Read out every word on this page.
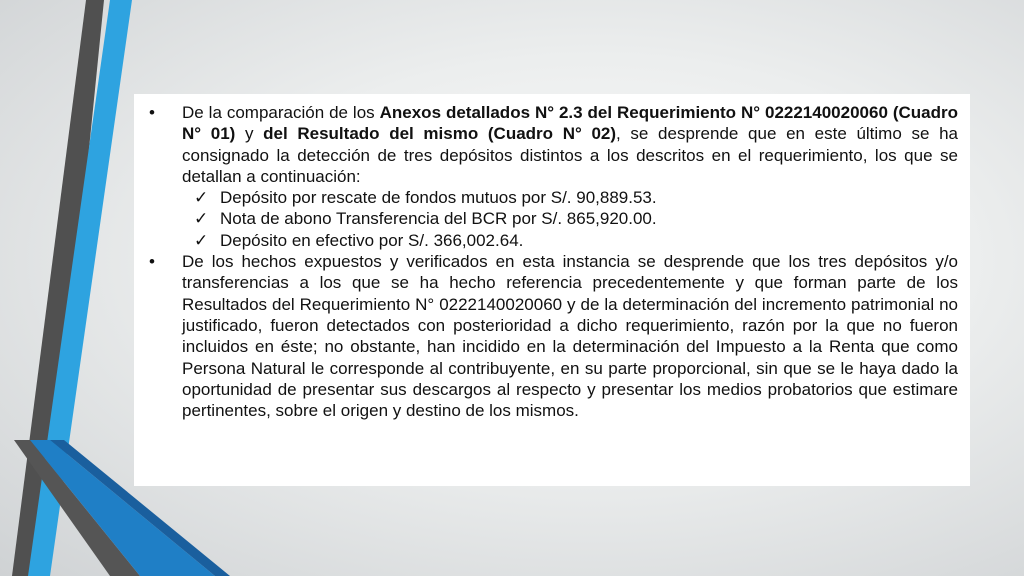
•	De la comparación de los Anexos detallados N° 2.3 del Requerimiento N° 0222140020060 (Cuadro N° 01) y del Resultado del mismo (Cuadro N° 02), se desprende que en este último se ha consignado la detección de tres depósitos distintos a los descritos en el requerimiento, los que se detallan a continuación:
✓ Depósito por rescate de fondos mutuos por S/. 90,889.53.
✓ Nota de abono Transferencia del BCR por S/. 865,920.00.
✓ Depósito en efectivo por S/. 366,002.64.
•	De los hechos expuestos y verificados en esta instancia se desprende que los tres depósitos y/o transferencias a los que se ha hecho referencia precedentemente y que forman parte de los Resultados del Requerimiento N° 0222140020060 y de la determinación del incremento patrimonial no justificado, fueron detectados con posterioridad a dicho requerimiento, razón por la que no fueron incluidos en éste; no obstante, han incidido en la determinación del Impuesto a la Renta que como Persona Natural le corresponde al contribuyente, en su parte proporcional, sin que se le haya dado la oportunidad de presentar sus descargos al respecto y presentar los medios probatorios que estimare pertinentes, sobre el origen y destino de los mismos.
